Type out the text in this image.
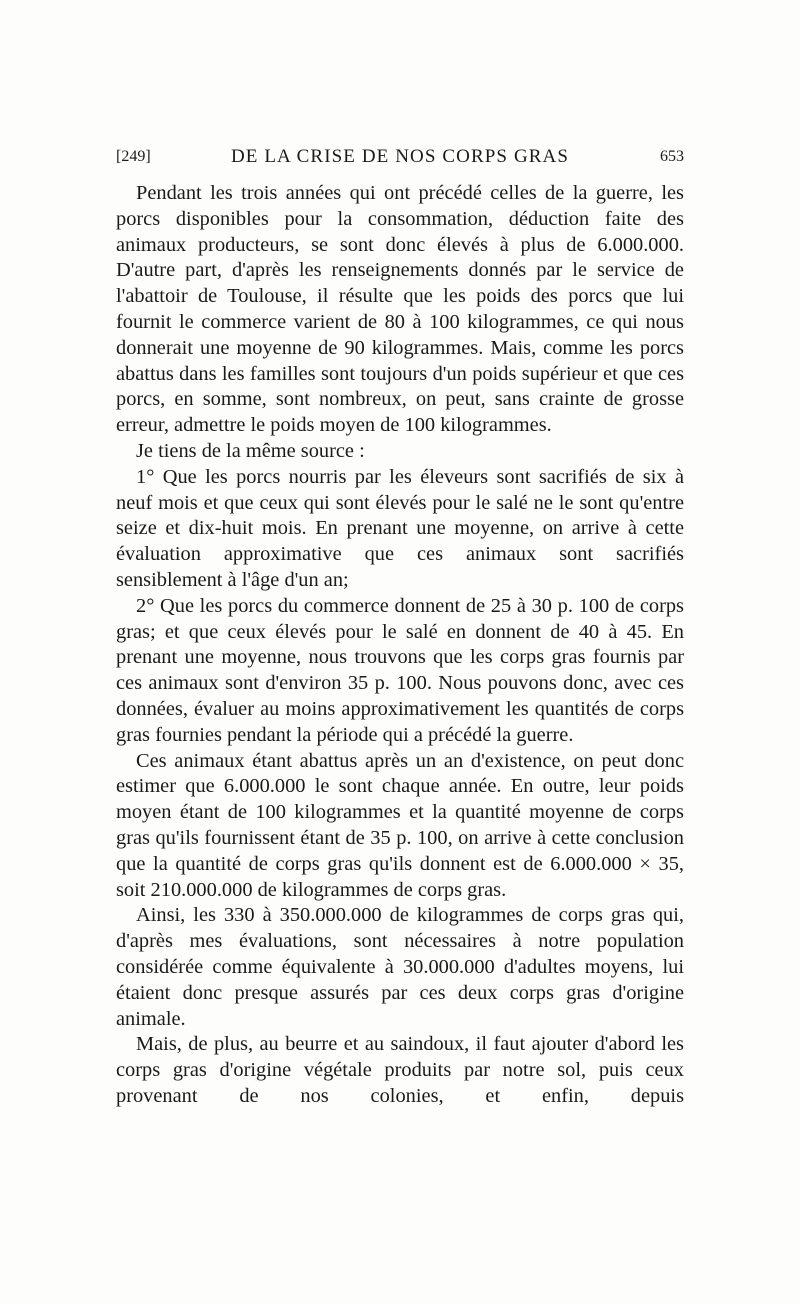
[249]	DE LA CRISE DE NOS CORPS GRAS	653

Pendant les trois années qui ont précédé celles de la guerre, les porcs disponibles pour la consommation, déduction faite des animaux producteurs, se sont donc élevés à plus de 6.000.000. D'autre part, d'après les renseignements donnés par le service de l'abattoir de Toulouse, il résulte que les poids des porcs que lui fournit le commerce varient de 80 à 100 kilogrammes, ce qui nous donnerait une moyenne de 90 kilogrammes. Mais, comme les porcs abattus dans les familles sont toujours d'un poids supérieur et que ces porcs, en somme, sont nombreux, on peut, sans crainte de grosse erreur, admettre le poids moyen de 100 kilogrammes.

Je tiens de la même source :

1° Que les porcs nourris par les éleveurs sont sacrifiés de six à neuf mois et que ceux qui sont élevés pour le salé ne le sont qu'entre seize et dix-huit mois. En prenant une moyenne, on arrive à cette évaluation approximative que ces animaux sont sacrifiés sensiblement à l'âge d'un an;

2° Que les porcs du commerce donnent de 25 à 30 p. 100 de corps gras; et que ceux élevés pour le salé en donnent de 40 à 45. En prenant une moyenne, nous trouvons que les corps gras fournis par ces animaux sont d'environ 35 p. 100. Nous pouvons donc, avec ces données, évaluer au moins approximativement les quantités de corps gras fournies pendant la période qui a précédé la guerre.

Ces animaux étant abattus après un an d'existence, on peut donc estimer que 6.000.000 le sont chaque année. En outre, leur poids moyen étant de 100 kilogrammes et la quantité moyenne de corps gras qu'ils fournissent étant de 35 p. 100, on arrive à cette conclusion que la quantité de corps gras qu'ils donnent est de 6.000.000 × 35, soit 210.000.000 de kilogrammes de corps gras.

Ainsi, les 330 à 350.000.000 de kilogrammes de corps gras qui, d'après mes évaluations, sont nécessaires à notre population considérée comme équivalente à 30.000.000 d'adultes moyens, lui étaient donc presque assurés par ces deux corps gras d'origine animale.

Mais, de plus, au beurre et au saindoux, il faut ajouter d'abord les corps gras d'origine végétale produits par notre sol, puis ceux provenant de nos colonies, et enfin, depuis
